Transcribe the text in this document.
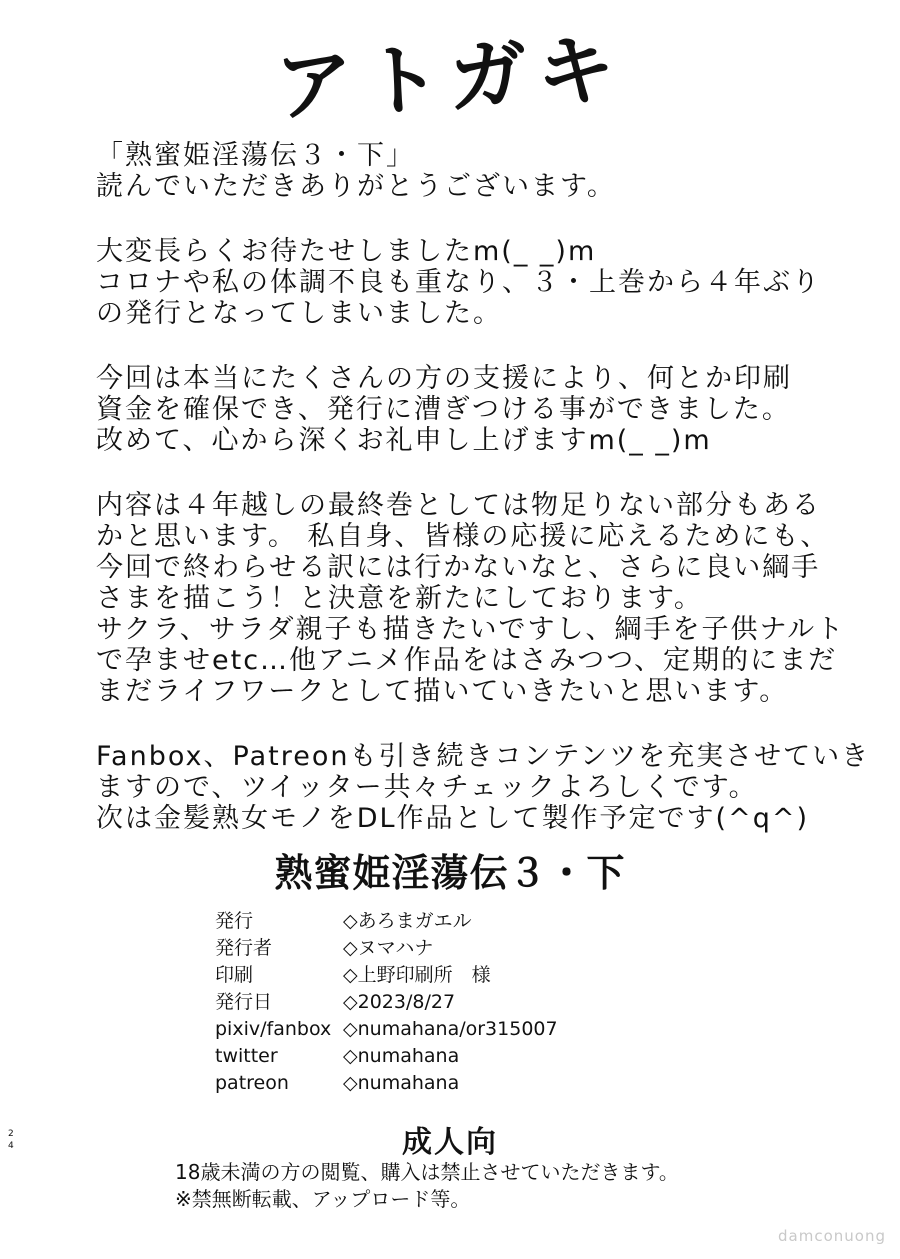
アトガキ
「熟蜜姫淫蕩伝３・下」
読んでいただきありがとうございます。
大変長らくお待たせしましたm(_ _)m
コロナや私の体調不良も重なり、３・上巻から４年ぶり
の発行となってしまいました。
今回は本当にたくさんの方の支援により、何とか印刷
資金を確保でき、発行に漕ぎつける事ができました。
改めて、心から深くお礼申し上げますm(_ _)m
内容は４年越しの最終巻としては物足りない部分もある
かと思います。 私自身、皆様の応援に応えるためにも、
今回で終わらせる訳には行かないなと、さらに良い綱手
さまを描こう！と決意を新たにしております。
サクラ、サラダ親子も描きたいですし、綱手を子供ナルト
で孕ませetc…他アニメ作品をはさみつつ、定期的にまだ
まだライフワークとして描いていきたいと思います。
Fanbox、Patreonも引き続きコンテンツを充実させていき
ますので、ツイッター共々チェックよろしくです。
次は金髪熟女モノをDL作品として製作予定です(^q^)
熟蜜姫淫蕩伝３・下
発行	◇あろまガエル
発行者	◇ヌマハナ
印刷	◇上野印刷所　様
発行日	◇2023/8/27
pixiv/fanbox ◇numahana/or315007
twitter	◇numahana
patreon	◇numahana
24	成人向
18歳未満の方の閲覧、購入は禁止させていただきます。
※禁無断転載、アップロード等。
damconuong
